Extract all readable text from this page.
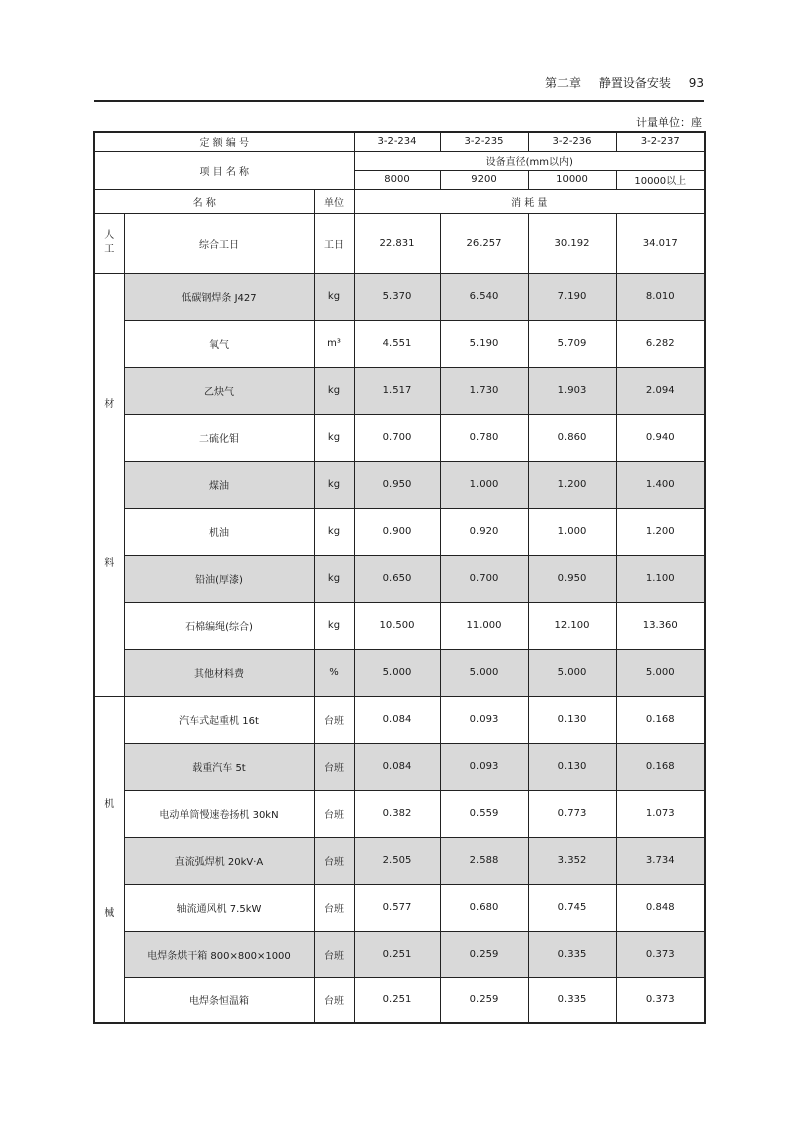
第二章 静置设备安装 93
计量单位：座
定 额 编 号			3-2-234	3-2-235	3-2-236	3-2-237
项 目 名 称			设备直径(mm以内)			
			8000	9200	10000	10000以上
名 称		单位	消 耗 量			

人
工	综合工日	工日	22.831	26.257	30.192	34.017

材
料	低碳钢焊条 J427	kg	5.370	6.540	7.190	8.010
	氧气	m³	4.551	5.190	5.709	6.282
	乙炔气	kg	1.517	1.730	1.903	2.094
	二硫化钼	kg	0.700	0.780	0.860	0.940
	煤油	kg	0.950	1.000	1.200	1.400
	机油	kg	0.900	0.920	1.000	1.200
	铅油(厚漆)	kg	0.650	0.700	0.950	1.100
	石棉编绳(综合)	kg	10.500	11.000	12.100	13.360
	其他材料费	%	5.000	5.000	5.000	5.000

机
械	汽车式起重机 16t	台班	0.084	0.093	0.130	0.168
	载重汽车 5t	台班	0.084	0.093	0.130	0.168
	电动单筒慢速卷扬机 30kN	台班	0.382	0.559	0.773	1.073
	直流弧焊机 20kV·A	台班	2.505	2.588	3.352	3.734
	轴流通风机 7.5kW	台班	0.577	0.680	0.745	0.848
	电焊条烘干箱 800×800×1000	台班	0.251	0.259	0.335	0.373
	电焊条恒温箱	台班	0.251	0.259	0.335	0.373
